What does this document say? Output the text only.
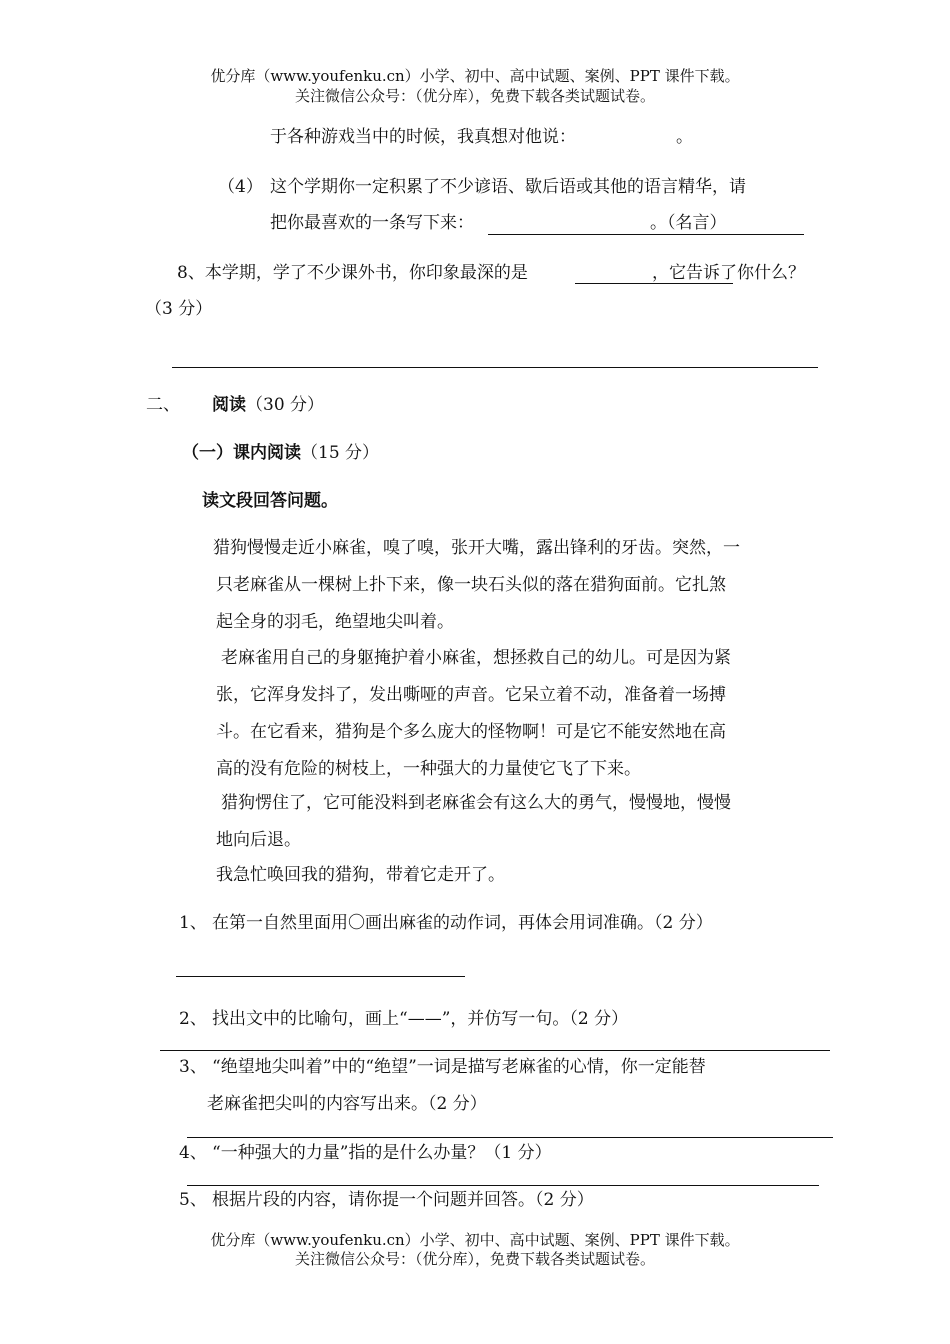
优分库（www.youfenku.cn）小学、初中、高中试题、案例、PPT 课件下载。
关注微信公众号：（优分库），免费下载各类试题试卷。
于各种游戏当中的时候，我真想对他说：	。
（4） 这个学期你一定积累了不少谚语、歇后语或其他的语言精华，请
把你最喜欢的一条写下来：	。（名言）
8、本学期，学了不少课外书，你印象最深的是	，它告诉了你什么？
（3 分）
二、 阅读（30 分）
（一）课内阅读（15 分）
读文段回答问题。
猎狗慢慢走近小麻雀，嗅了嗅，张开大嘴，露出锋利的牙齿。突然，一
只老麻雀从一棵树上扑下来，像一块石头似的落在猎狗面前。它扎煞
起全身的羽毛，绝望地尖叫着。
老麻雀用自己的身躯掩护着小麻雀，想拯救自己的幼儿。可是因为紧
张，它浑身发抖了，发出嘶哑的声音。它呆立着不动，准备着一场搏
斗。在它看来，猎狗是个多么庞大的怪物啊！可是它不能安然地在高
高的没有危险的树枝上，一种强大的力量使它飞了下来。
猎狗愣住了，它可能没料到老麻雀会有这么大的勇气，慢慢地，慢慢
地向后退。
我急忙唤回我的猎狗，带着它走开了。
1、 在第一自然里面用〇画出麻雀的动作词，再体会用词准确。（2 分）
2、 找出文中的比喻句，画上“——”，并仿写一句。（2 分）
3、 “绝望地尖叫着”中的“绝望”一词是描写老麻雀的心情，你一定能替
老麻雀把尖叫的内容写出来。（2 分）
4、 “一种强大的力量”指的是什么办量？（1 分）
5、 根据片段的内容，请你提一个问题并回答。（2 分）
优分库（www.youfenku.cn）小学、初中、高中试题、案例、PPT 课件下载。
关注微信公众号：（优分库），免费下载各类试题试卷。
